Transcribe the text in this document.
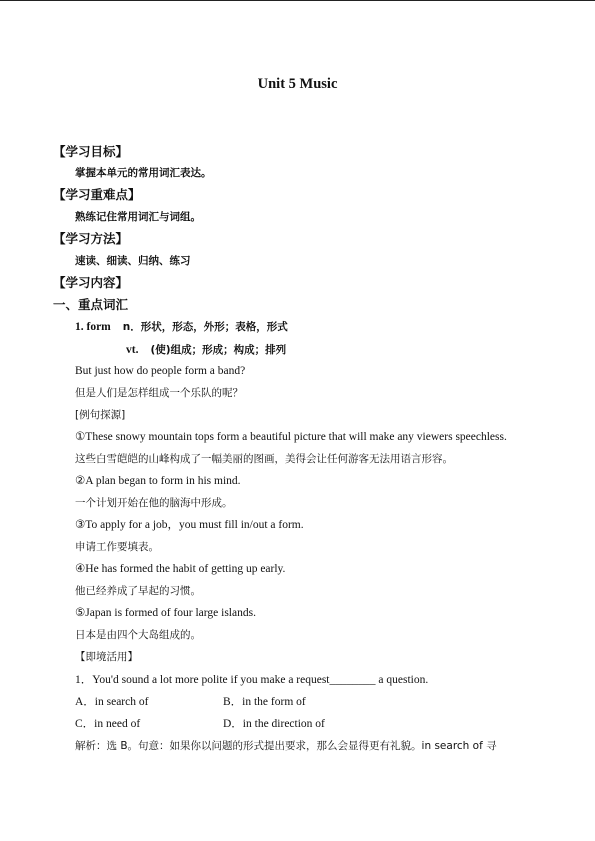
Unit 5 Music
【学习目标】
掌握本单元的常用词汇表达。
【学习重难点】
熟练记住常用词汇与词组。
【学习方法】
速读、细读、归纳、练习
【学习内容】
一、重点词汇
1. form n．形状，形态，外形；表格，形式
vt. (使)组成；形成；构成；排列
But just how do people form a band?
但是人们是怎样组成一个乐队的呢？
[例句探源]
①These snowy mountain tops form a beautiful picture that will make any viewers speechless.
这些白雪皑皑的山峰构成了一幅美丽的图画，美得会让任何游客无法用语言形容。
②A plan began to form in his mind.
一个计划开始在他的脑海中形成。
③To apply for a job，you must fill in/out a form.
申请工作要填表。
④He has formed the habit of getting up early.
他已经养成了早起的习惯。
⑤Japan is formed of four large islands.
日本是由四个大岛组成的。
【即境活用】
1．You'd sound a lot more polite if you make a request________ a question.
A．in search of	B．in the form of
C．in need of	D．in the direction of
解析：选 B。句意：如果你以问题的形式提出要求，那么会显得更有礼貌。in search of 寻
